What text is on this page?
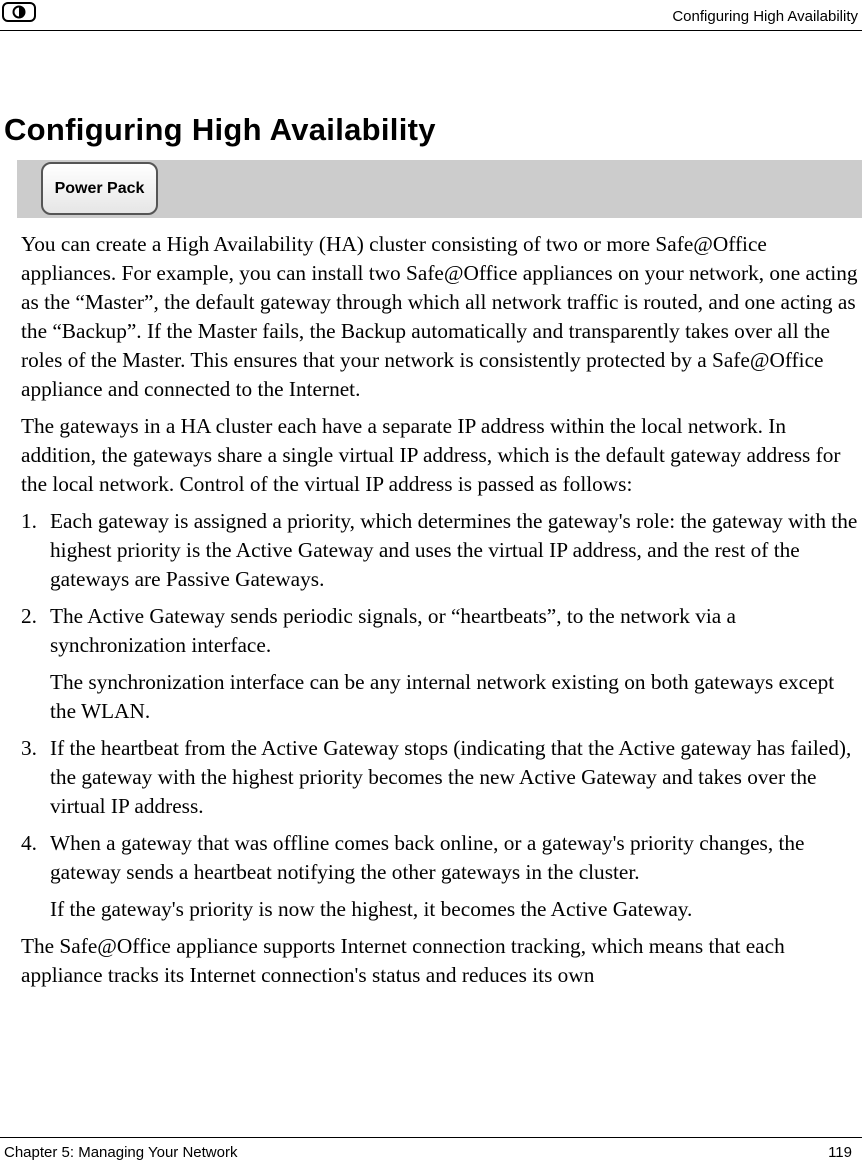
Configuring High Availability
Configuring High Availability
Power Pack

You can create a High Availability (HA) cluster consisting of two or more Safe@Office appliances. For example, you can install two Safe@Office appliances on your network, one acting as the “Master”, the default gateway through which all network traffic is routed, and one acting as the “Backup”. If the Master fails, the Backup automatically and transparently takes over all the roles of the Master. This ensures that your network is consistently protected by a Safe@Office appliance and connected to the Internet.

The gateways in a HA cluster each have a separate IP address within the local network. In addition, the gateways share a single virtual IP address, which is the default gateway address for the local network. Control of the virtual IP address is passed as follows:

1. Each gateway is assigned a priority, which determines the gateway's role: the gateway with the highest priority is the Active Gateway and uses the virtual IP address, and the rest of the gateways are Passive Gateways.
2. The Active Gateway sends periodic signals, or “heartbeats”, to the network via a synchronization interface.

The synchronization interface can be any internal network existing on both gateways except the WLAN.

3. If the heartbeat from the Active Gateway stops (indicating that the Active gateway has failed), the gateway with the highest priority becomes the new Active Gateway and takes over the virtual IP address.
4. When a gateway that was offline comes back online, or a gateway's priority changes, the gateway sends a heartbeat notifying the other gateways in the cluster.

If the gateway's priority is now the highest, it becomes the Active Gateway.

The Safe@Office appliance supports Internet connection tracking, which means that each appliance tracks its Internet connection's status and reduces its own

Chapter 5: Managing Your Network	119
